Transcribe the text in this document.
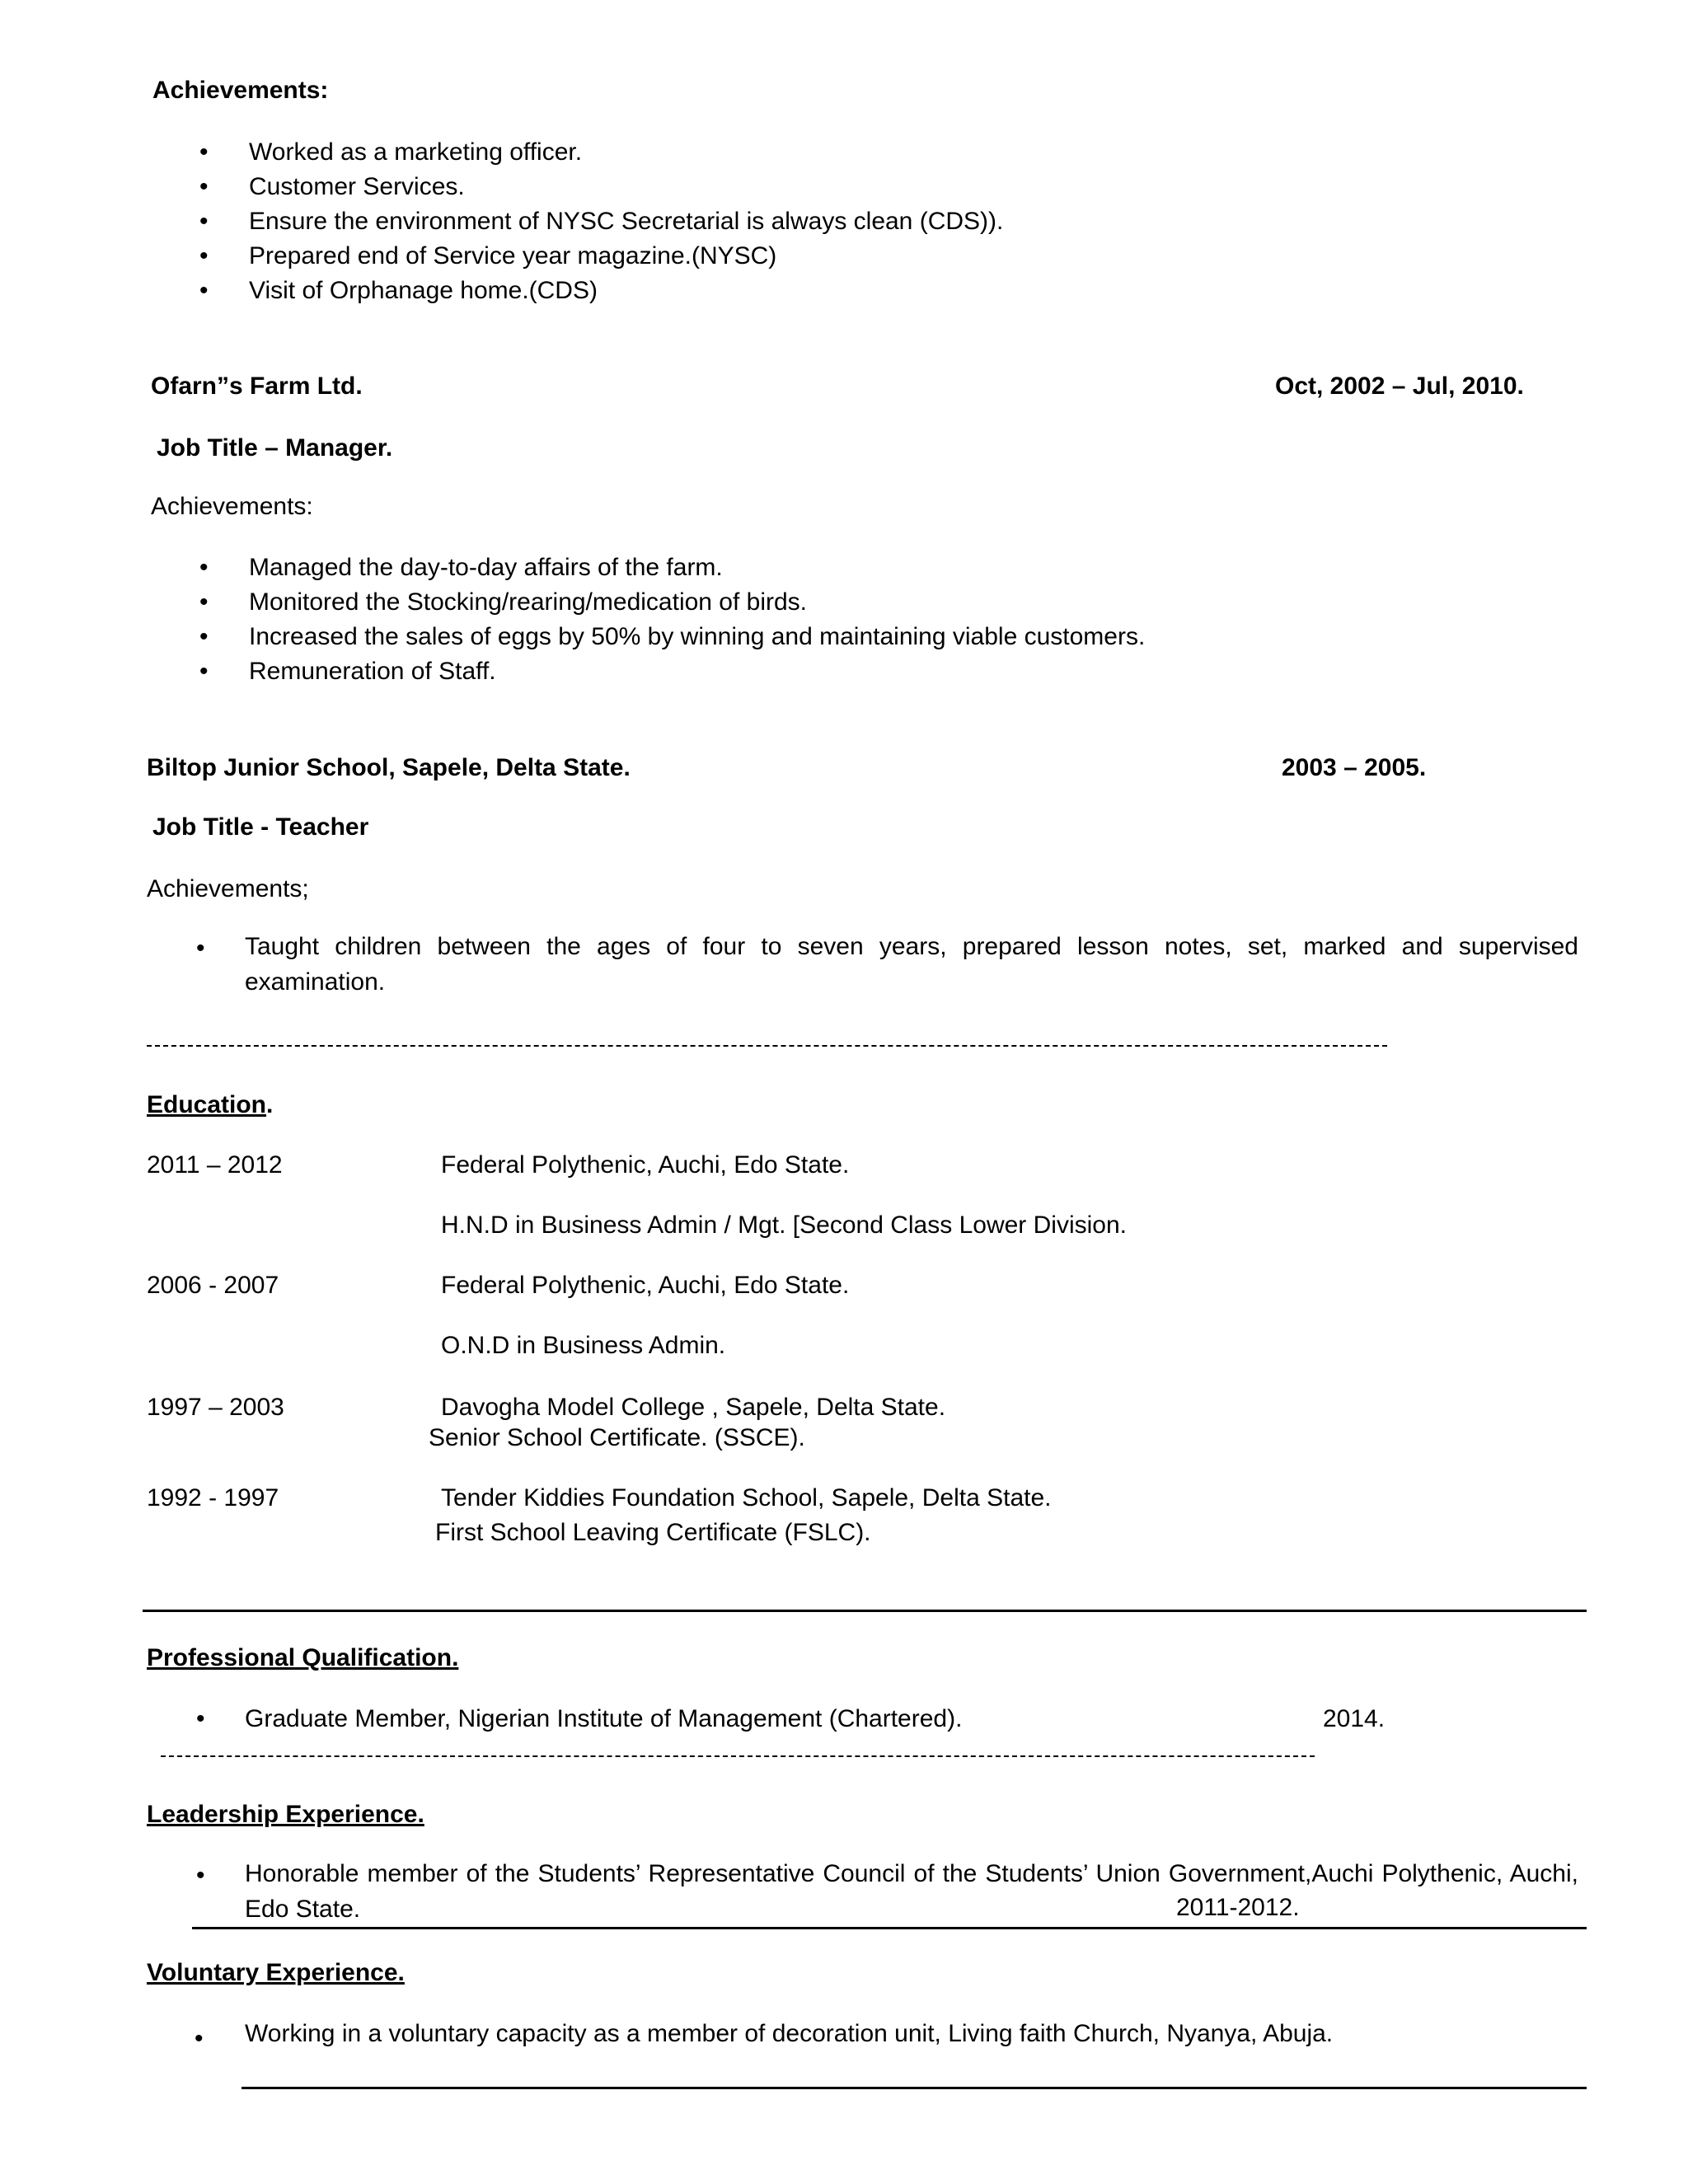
Achievements:
• Worked as a marketing officer.
• Customer Services.
• Ensure the environment of NYSC Secretarial is always clean (CDS)).
• Prepared end of Service year magazine.(NYSC)
• Visit of Orphanage home.(CDS)
Ofarn”s Farm Ltd.	Oct, 2002 – Jul, 2010.
Job Title – Manager.
Achievements:
• Managed the day-to-day affairs of the farm.
• Monitored the Stocking/rearing/medication of birds.
• Increased the sales of eggs by 50% by winning and maintaining viable customers.
• Remuneration of Staff.
Biltop Junior School, Sapele, Delta State.	2003 – 2005.
Job Title - Teacher
Achievements;
• Taught children between the ages of four to seven years, prepared lesson notes, set, marked and supervised examination.
Education.
2011 – 2012	Federal Polythenic, Auchi, Edo State.
H.N.D in Business Admin / Mgt. [Second Class Lower Division.
2006 - 2007	Federal Polythenic, Auchi, Edo State.
O.N.D in Business Admin.
1997 – 2003	Davogha Model College , Sapele, Delta State.
Senior School Certificate. (SSCE).
1992 - 1997	Tender Kiddies Foundation School, Sapele, Delta State.
First School Leaving Certificate (FSLC).
Professional Qualification.
• Graduate Member, Nigerian Institute of Management (Chartered).	2014.
Leadership Experience.
• Honorable member of the Students’ Representative Council of the Students’ Union Government,Auchi Polythenic, Auchi, Edo State.	2011-2012.
Voluntary Experience.
• Working in a voluntary capacity as a member of decoration unit, Living faith Church, Nyanya, Abuja.
